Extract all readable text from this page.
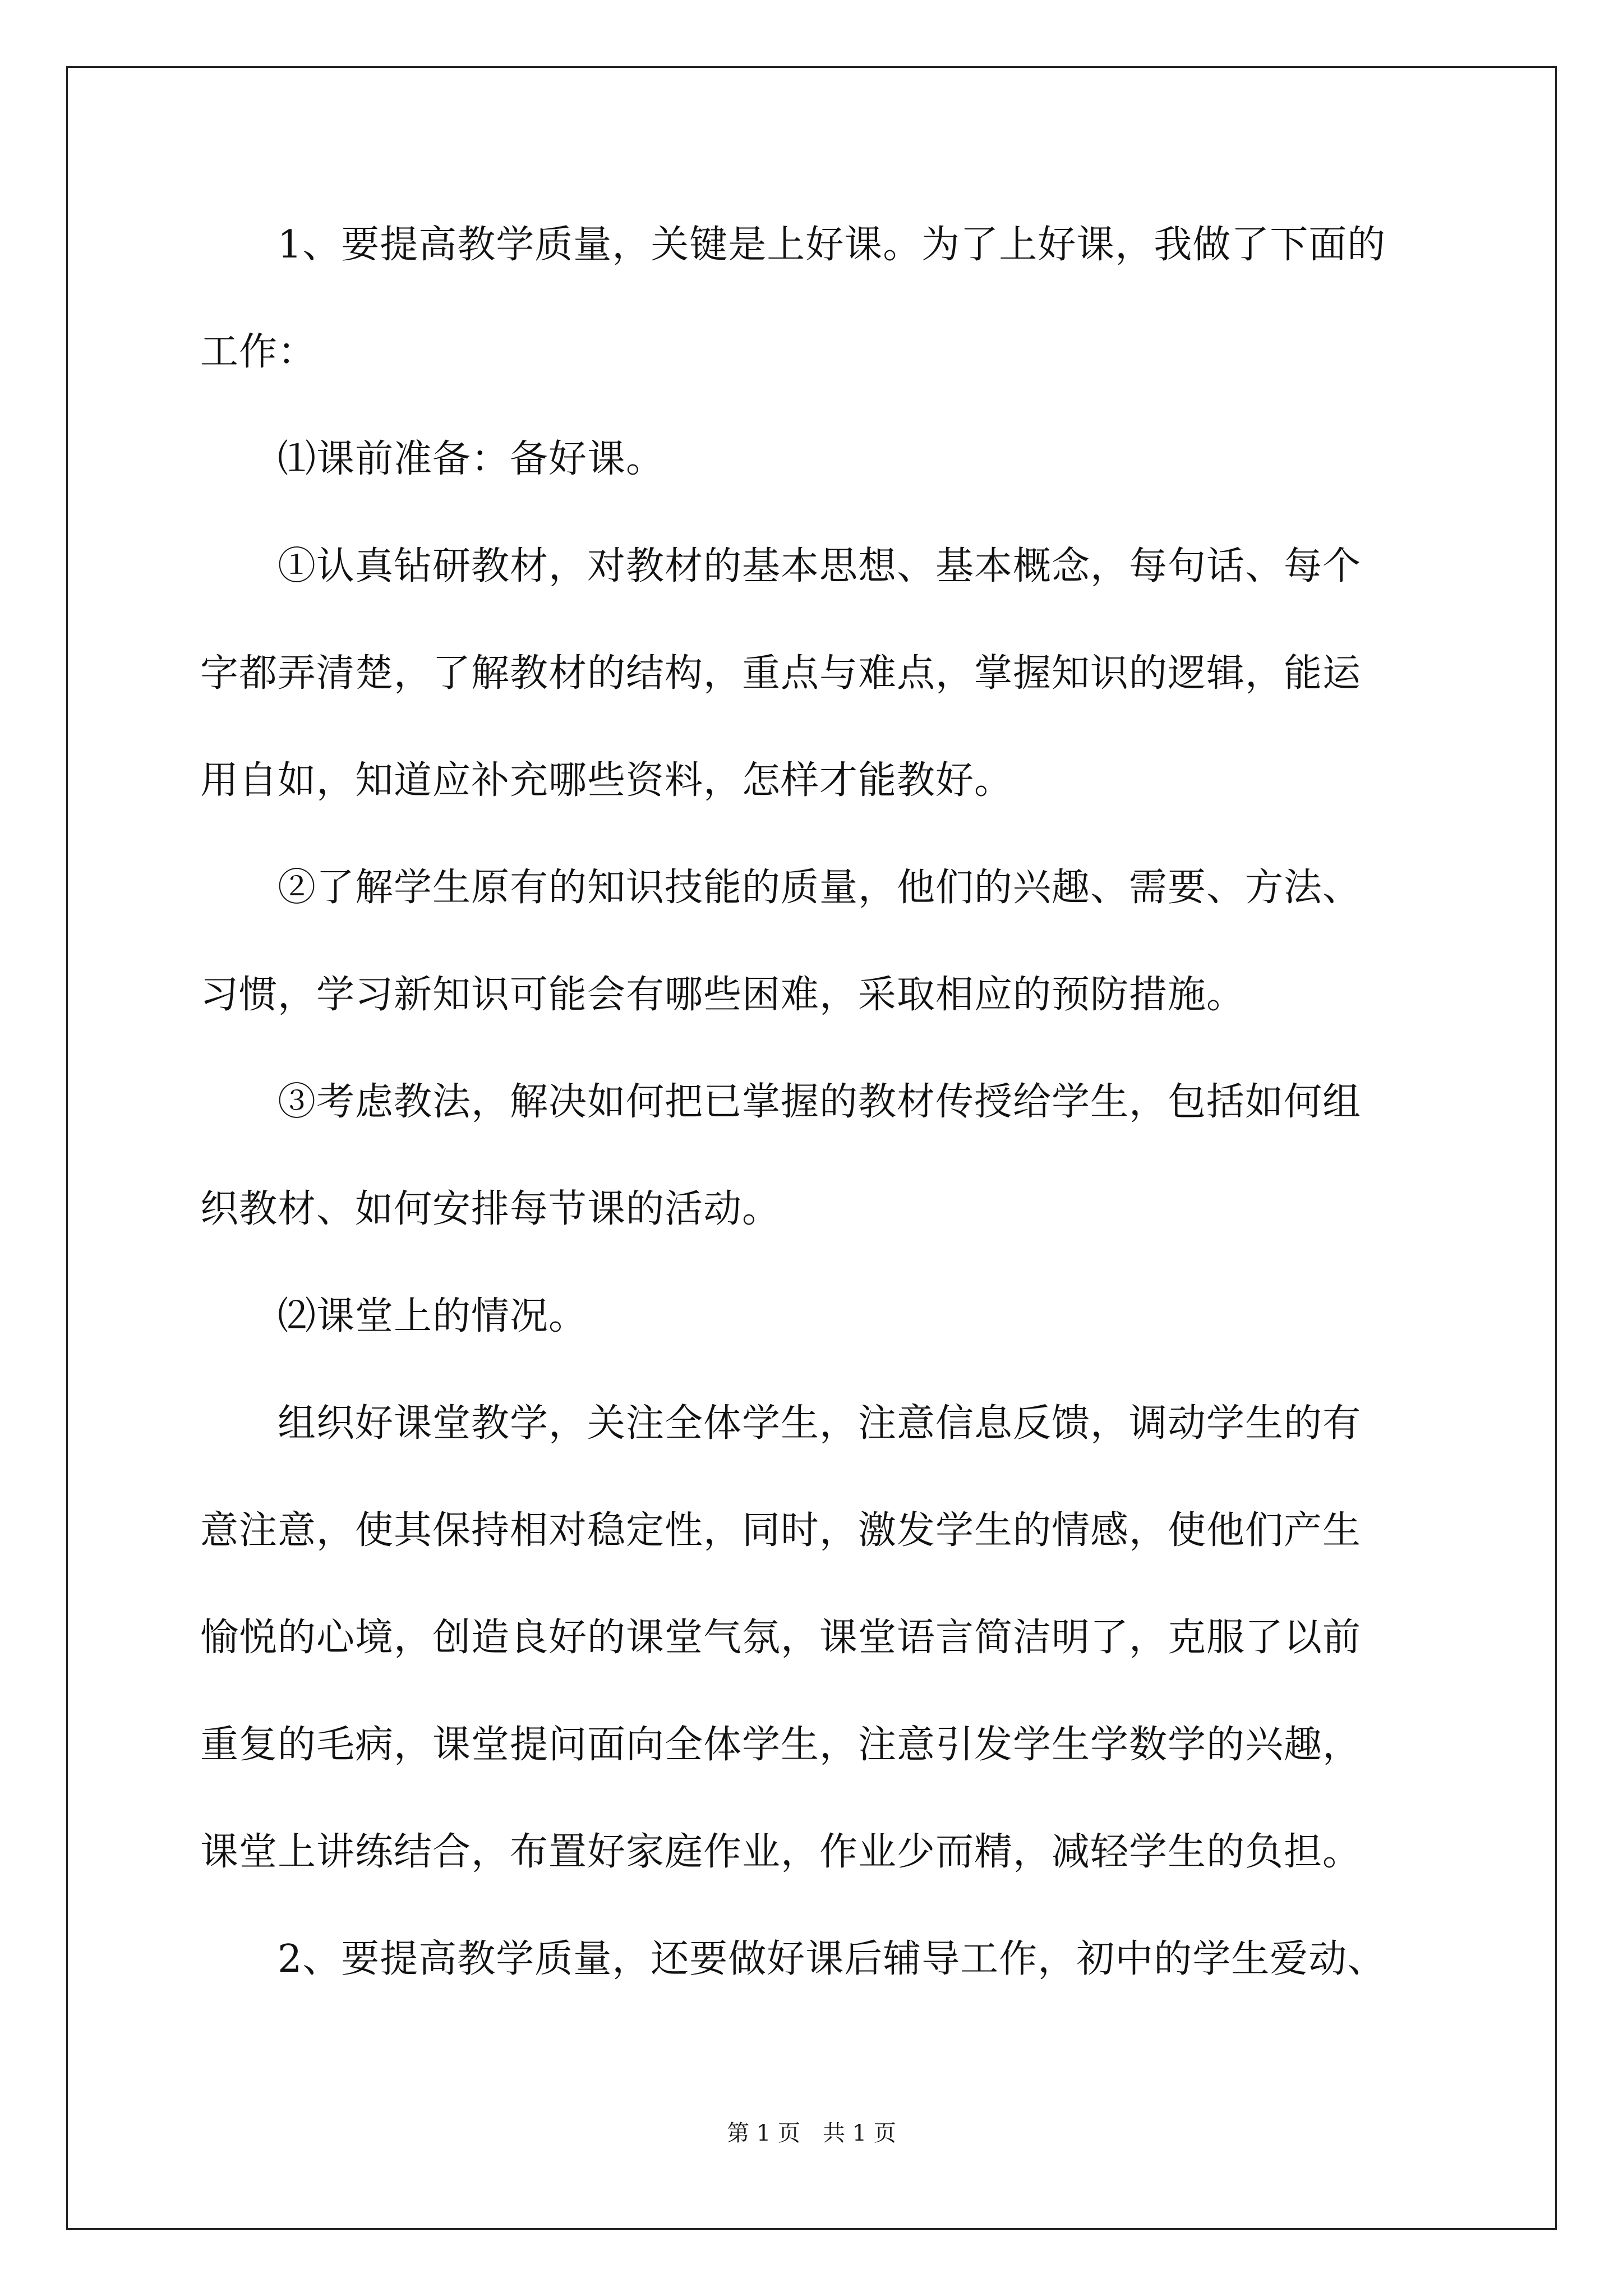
　　1、要提高教学质量，关键是上好课。为了上好课，我做了下面的
工作：
　　⑴课前准备：备好课。
　　①认真钻研教材，对教材的基本思想、基本概念，每句话、每个
字都弄清楚，了解教材的结构，重点与难点，掌握知识的逻辑，能运
用自如，知道应补充哪些资料，怎样才能教好。
　　②了解学生原有的知识技能的质量，他们的兴趣、需要、方法、
习惯，学习新知识可能会有哪些困难，采取相应的预防措施。
　　③考虑教法，解决如何把已掌握的教材传授给学生，包括如何组
织教材、如何安排每节课的活动。
　　⑵课堂上的情况。
　　组织好课堂教学，关注全体学生，注意信息反馈，调动学生的有
意注意，使其保持相对稳定性，同时，激发学生的情感，使他们产生
愉悦的心境，创造良好的课堂气氛，课堂语言简洁明了，克服了以前
重复的毛病，课堂提问面向全体学生，注意引发学生学数学的兴趣，
课堂上讲练结合，布置好家庭作业，作业少而精，减轻学生的负担。
　　2、要提高教学质量，还要做好课后辅导工作，初中的学生爱动、
第 1 页　共 1 页
